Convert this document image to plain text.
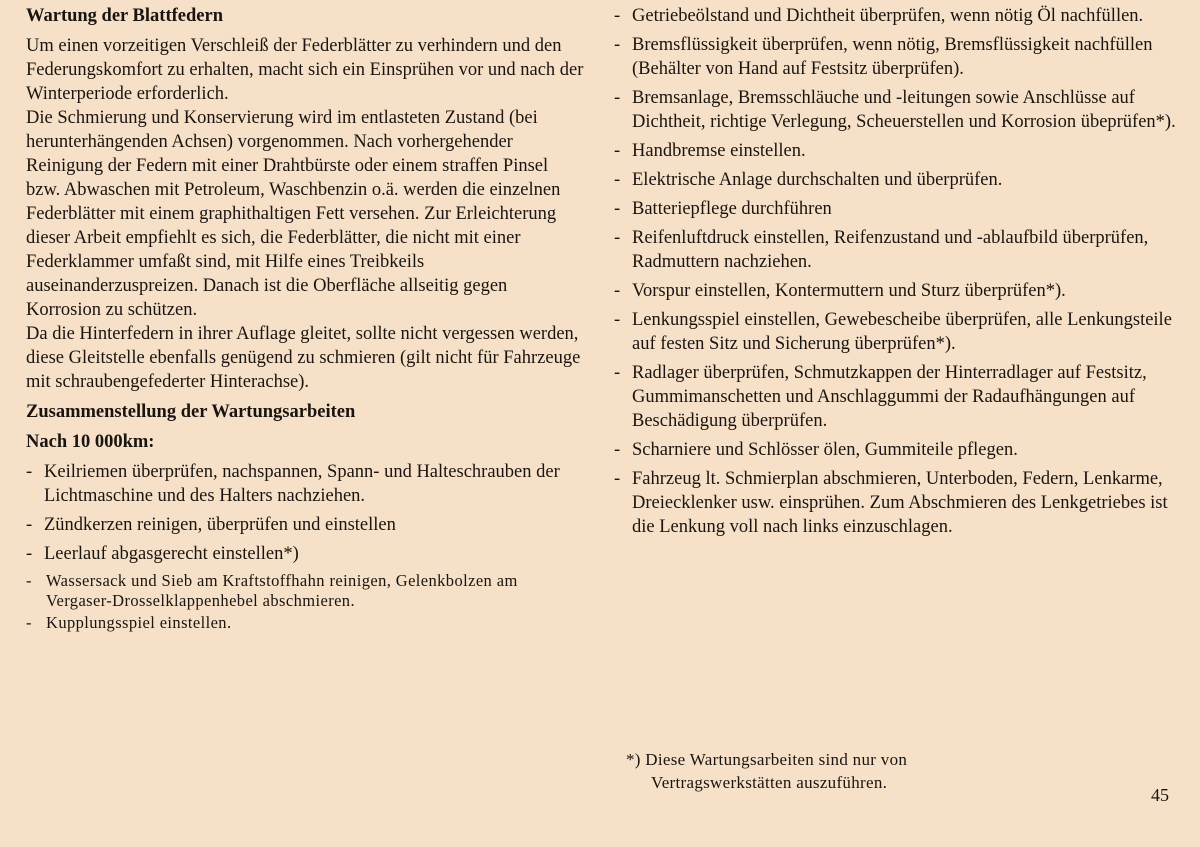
Wartung der Blattfedern

Um einen vorzeitigen Verschleiß der Federblätter zu verhindern und den Federungskomfort zu erhalten, macht sich ein Einsprühen vor und nach der Winterperiode erforderlich.

Die Schmierung und Konservierung wird im entlasteten Zustand (bei herunterhängenden Achsen) vorgenommen. Nach vorhergehender Reinigung der Federn mit einer Drahtbürste oder einem straffen Pinsel bzw. Abwaschen mit Petroleum, Waschbenzin o.ä. werden die einzelnen Federblätter mit einem graphithaltigen Fett versehen. Zur Erleichterung dieser Arbeit empfiehlt es sich, die Federblätter, die nicht mit einer Federklammer umfaßt sind, mit Hilfe eines Treibkeils auseinanderzuspreizen. Danach ist die Oberfläche allseitig gegen Korrosion zu schützen.

Da die Hinterfedern in ihrer Auflage gleitet, sollte nicht vergessen werden, diese Gleitstelle ebenfalls genügend zu schmieren (gilt nicht für Fahrzeuge mit schraubengefederter Hinterachse).

Zusammenstellung der Wartungsarbeiten

Nach 10 000km:

- Keilriemen überprüfen, nachspannen, Spann- und Halteschrauben der Lichtmaschine und des Halters nachziehen.
- Zündkerzen reinigen, überprüfen und einstellen
- Leerlauf abgasgerecht einstellen*)
- Wassersack und Sieb am Kraftstoffhahn reinigen, Gelenkbolzen am Vergaser-Drosselklappenhebel abschmieren.
- Kupplungsspiel einstellen.
- Getriebeölstand und Dichtheit überprüfen, wenn nötig Öl nachfüllen.
- Bremsflüssigkeit überprüfen, wenn nötig, Bremsflüssigkeit nachfüllen (Behälter von Hand auf Festsitz überprüfen).
- Bremsanlage, Bremsschläuche und -leitungen sowie Anschlüsse auf Dichtheit, richtige Verlegung, Scheuerstellen und Korrosion übeprüfen*).
- Handbremse einstellen.
- Elektrische Anlage durchschalten und überprüfen.
- Batteriepflege durchführen
- Reifenluftdruck einstellen, Reifenzustand und -ablaufbild überprüfen, Radmuttern nachziehen.
- Vorspur einstellen, Kontermuttern und Sturz überprüfen*).
- Lenkungsspiel einstellen, Gewebescheibe überprüfen, alle Lenkungsteile auf festen Sitz und Sicherung überprüfen*).
- Radlager überprüfen, Schmutzkappen der Hinterradlager auf Festsitz, Gummimanschetten und Anschlaggummi der Radaufhängungen auf Beschädigung überprüfen.
- Scharniere und Schlösser ölen, Gummiteile pflegen.
- Fahrzeug lt. Schmierplan abschmieren, Unterboden, Federn, Lenkarme, Dreiecklenker usw. einsprühen. Zum Abschmieren des Lenkgetriebes ist die Lenkung voll nach links einzuschlagen.
*) Diese Wartungsarbeiten sind nur von
Vertragswerkstätten auszuführen.
45
